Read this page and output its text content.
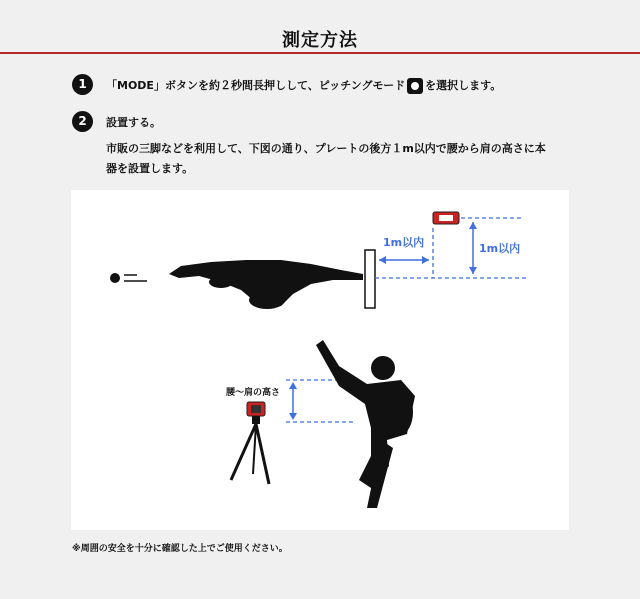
測定方法
1	「MODE」ボタンを約２秒間長押しして、ピッチングモード を選択します。
2	設置する。
市販の三脚などを利用して、下図の通り、プレートの後方１m以内で腰から肩の高さに本
器を設置します。
1m以内	1m以内
腰～肩の高さ
※周囲の安全を十分に確認した上でご使用ください。
